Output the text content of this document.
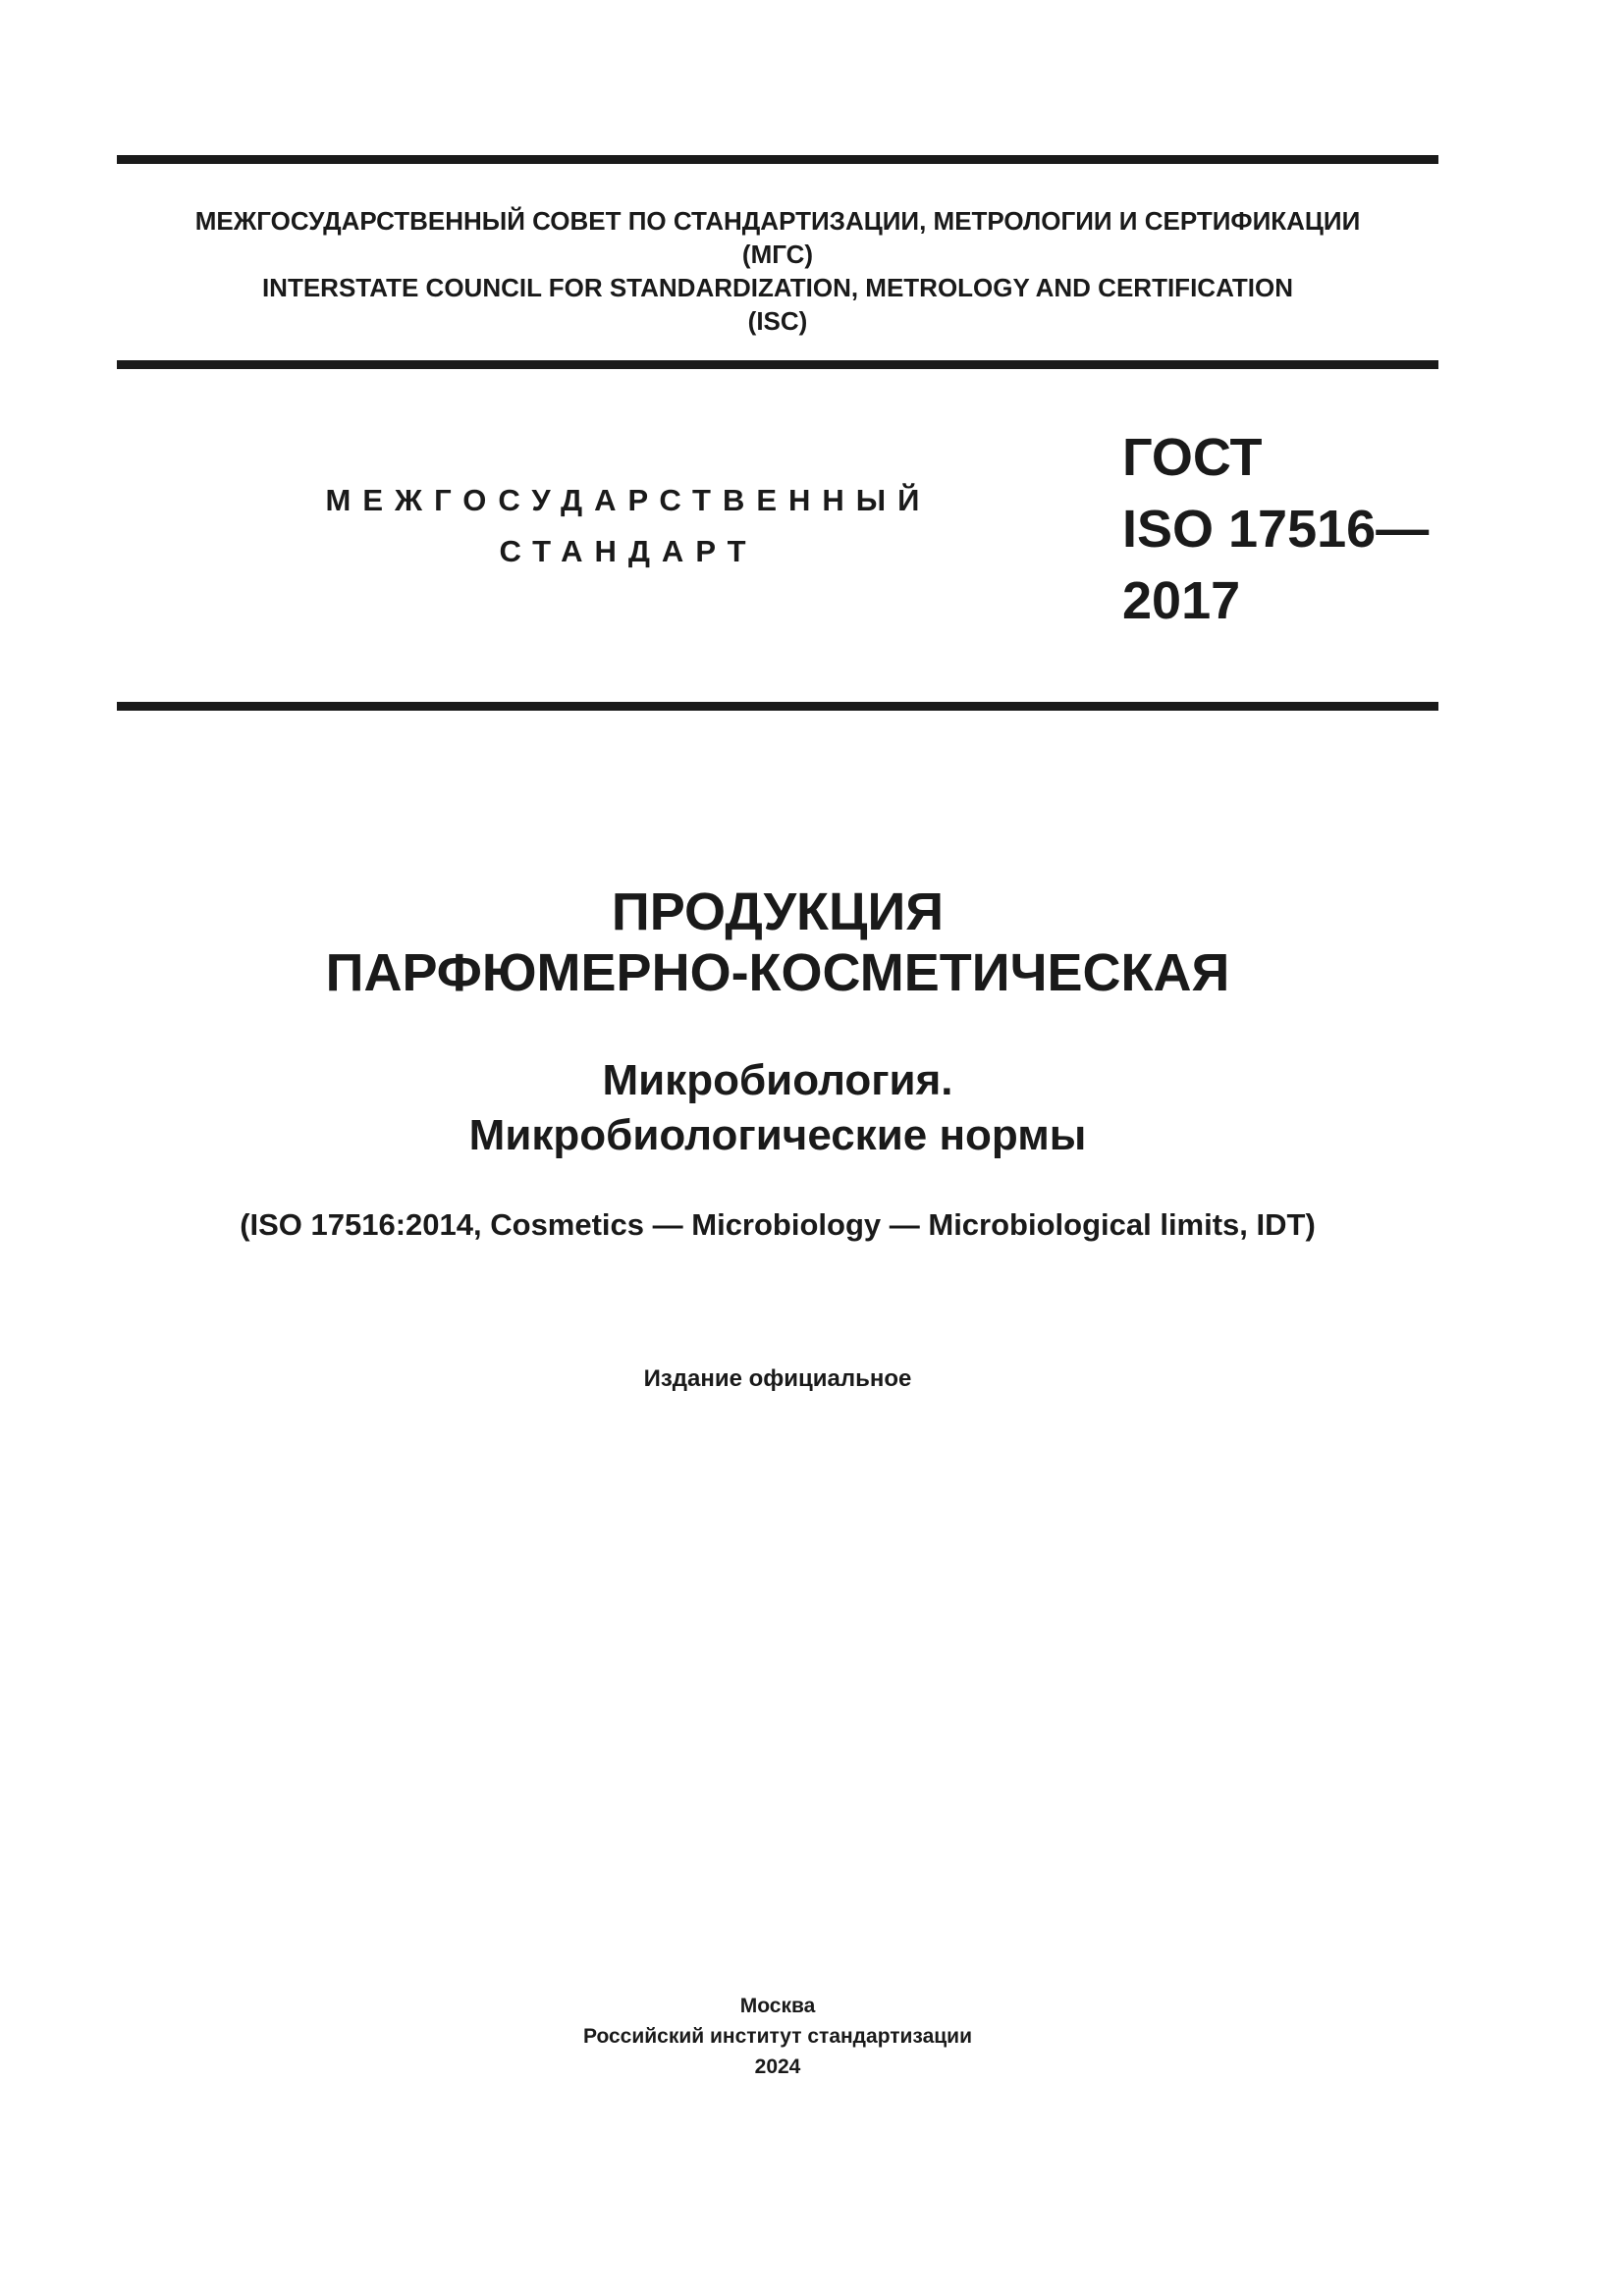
МЕЖГОСУДАРСТВЕННЫЙ СОВЕТ ПО СТАНДАРТИЗАЦИИ, МЕТРОЛОГИИ И СЕРТИФИКАЦИИ
(МГС)
INTERSTATE COUNCIL FOR STANDARDIZATION, METROLOGY AND CERTIFICATION
(ISC)
МЕЖГОСУДАРСТВЕННЫЙ
СТАНДАРТ
ГОСТ
ISO 17516—
2017
ПРОДУКЦИЯ
ПАРФЮМЕРНО-КОСМЕТИЧЕСКАЯ
Микробиология.
Микробиологические нормы
(ISO 17516:2014, Cosmetics — Microbiology — Microbiological limits, IDT)
Издание официальное
Москва
Российский институт стандартизации
2024
